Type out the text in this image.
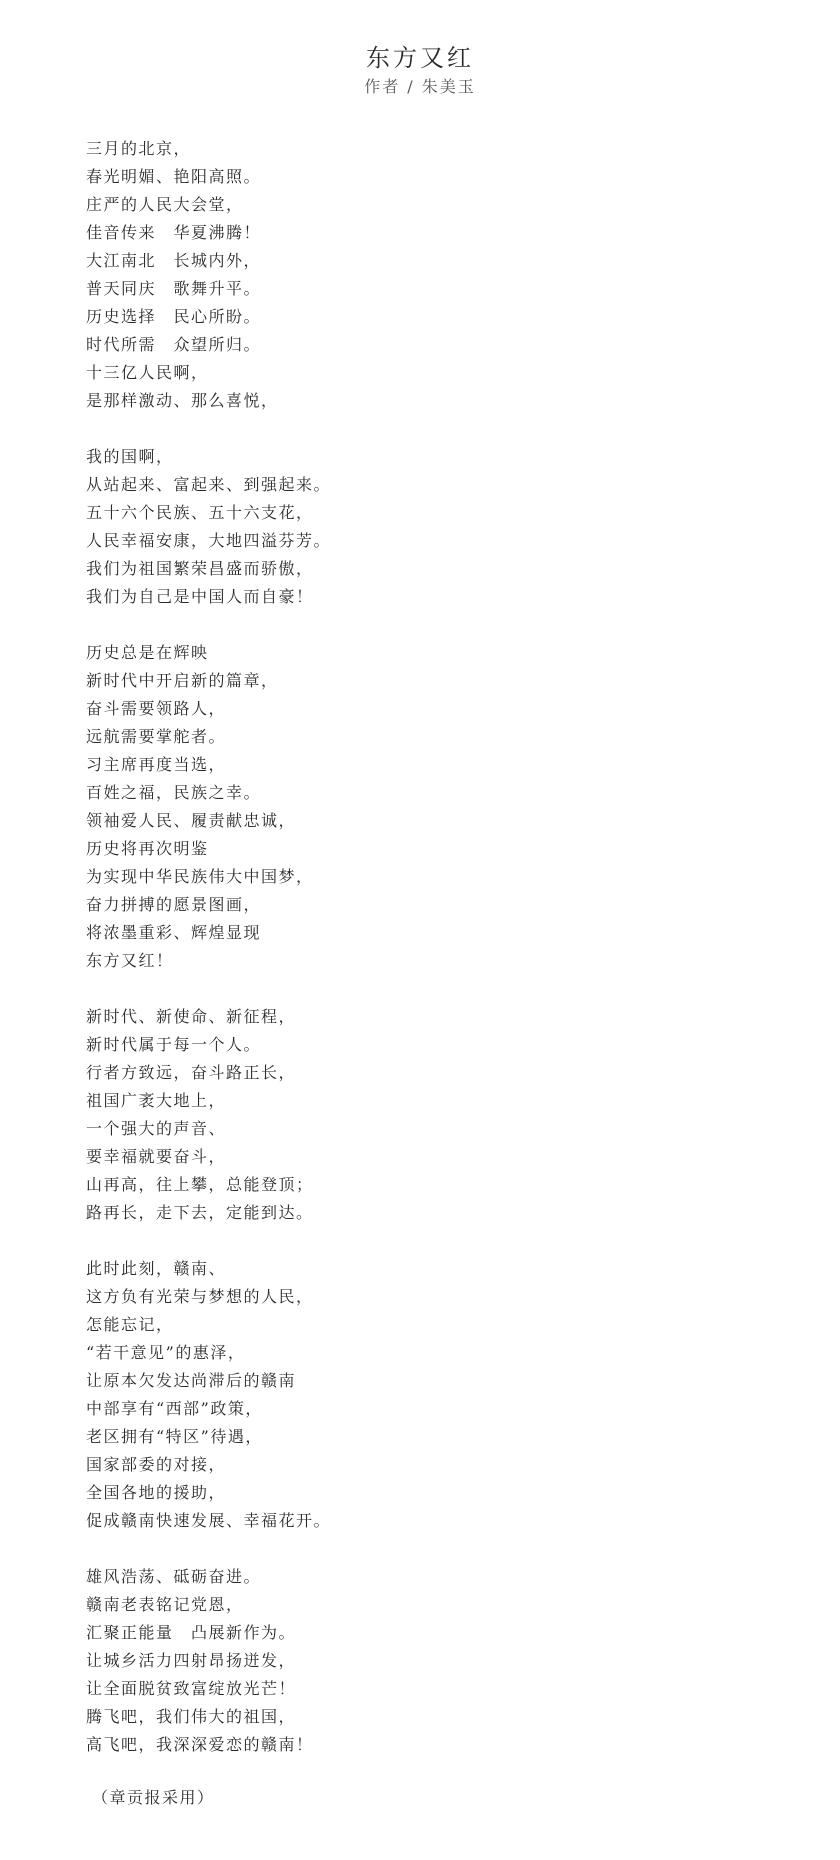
东方又红
作者 / 朱美玉
三月的北京，
春光明媚、艳阳高照。
庄严的人民大会堂，
佳音传来　华夏沸腾！
大江南北　长城内外，
普天同庆　歌舞升平。
历史选择　民心所盼。
时代所需　众望所归。
十三亿人民啊，
是那样激动、那么喜悦，
我的国啊，
从站起来、富起来、到强起来。
五十六个民族、五十六支花，
人民幸福安康，大地四溢芬芳。
我们为祖国繁荣昌盛而骄傲，
我们为自己是中国人而自豪！
历史总是在辉映
新时代中开启新的篇章，
奋斗需要领路人，
远航需要掌舵者。
习主席再度当选，
百姓之福，民族之幸。
领袖爱人民、履责献忠诚，
历史将再次明鉴
为实现中华民族伟大中国梦，
奋力拼搏的愿景图画，
将浓墨重彩、辉煌显现
东方又红！
新时代、新使命、新征程，
新时代属于每一个人。
行者方致远，奋斗路正长，
祖国广袤大地上，
一个强大的声音、
要幸福就要奋斗，
山再高，往上攀，总能登顶；
路再长，走下去，定能到达。
此时此刻，赣南、
这方负有光荣与梦想的人民，
怎能忘记，
“若干意见”的惠泽，
让原本欠发达尚滞后的赣南
中部享有“西部”政策，
老区拥有“特区”待遇，
国家部委的对接，
全国各地的援助，
促成赣南快速发展、幸福花开。
雄风浩荡、砥砺奋进。
赣南老表铭记党恩，
汇聚正能量　凸展新作为。
让城乡活力四射昂扬迸发，
让全面脱贫致富绽放光芒！
腾飞吧，我们伟大的祖国，
高飞吧，我深深爱恋的赣南！
（章贡报采用）
